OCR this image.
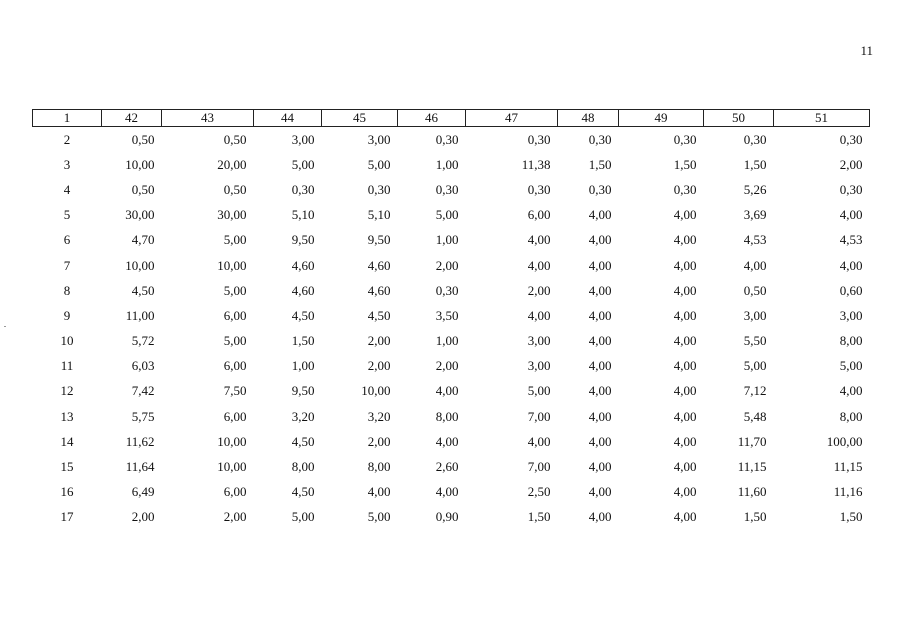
11
1	42	43	44	45	46	47	48	49	50	51
2	0,50	0,50	3,00	3,00	0,30	0,30	0,30	0,30	0,30	0,30
3	10,00	20,00	5,00	5,00	1,00	11,38	1,50	1,50	1,50	2,00
4	0,50	0,50	0,30	0,30	0,30	0,30	0,30	0,30	5,26	0,30
5	30,00	30,00	5,10	5,10	5,00	6,00	4,00	4,00	3,69	4,00
6	4,70	5,00	9,50	9,50	1,00	4,00	4,00	4,00	4,53	4,53
7	10,00	10,00	4,60	4,60	2,00	4,00	4,00	4,00	4,00	4,00
8	4,50	5,00	4,60	4,60	0,30	2,00	4,00	4,00	0,50	0,60
9	11,00	6,00	4,50	4,50	3,50	4,00	4,00	4,00	3,00	3,00
10	5,72	5,00	1,50	2,00	1,00	3,00	4,00	4,00	5,50	8,00
11	6,03	6,00	1,00	2,00	2,00	3,00	4,00	4,00	5,00	5,00
12	7,42	7,50	9,50	10,00	4,00	5,00	4,00	4,00	7,12	4,00
13	5,75	6,00	3,20	3,20	8,00	7,00	4,00	4,00	5,48	8,00
14	11,62	10,00	4,50	2,00	4,00	4,00	4,00	4,00	11,70	100,00
15	11,64	10,00	8,00	8,00	2,60	7,00	4,00	4,00	11,15	11,15
16	6,49	6,00	4,50	4,00	4,00	2,50	4,00	4,00	11,60	11,16
17	2,00	2,00	5,00	5,00	0,90	1,50	4,00	4,00	1,50	1,50
